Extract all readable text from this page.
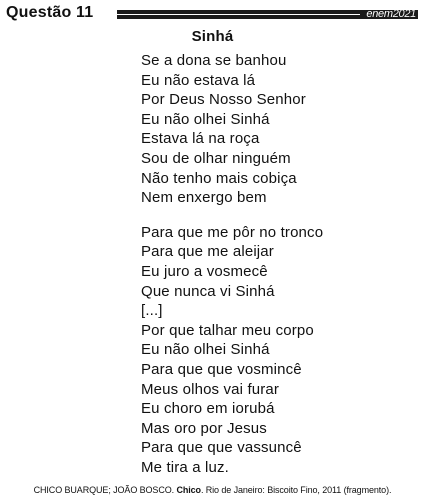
Questão 11	enem2021
Sinhá
Se a dona se banhou
Eu não estava lá
Por Deus Nosso Senhor
Eu não olhei Sinhá
Estava lá na roça
Sou de olhar ninguém
Não tenho mais cobiça
Nem enxergo bem
Para que me pôr no tronco
Para que me aleijar
Eu juro a vosmecê
Que nunca vi Sinhá
[...]
Por que talhar meu corpo
Eu não olhei Sinhá
Para que que vosmincê
Meus olhos vai furar
Eu choro em iorubá
Mas oro por Jesus
Para que que vassuncê
Me tira a luz.
CHICO BUARQUE; JOÃO BOSCO. Chico. Rio de Janeiro: Biscoito Fino, 2011 (fragmento).
